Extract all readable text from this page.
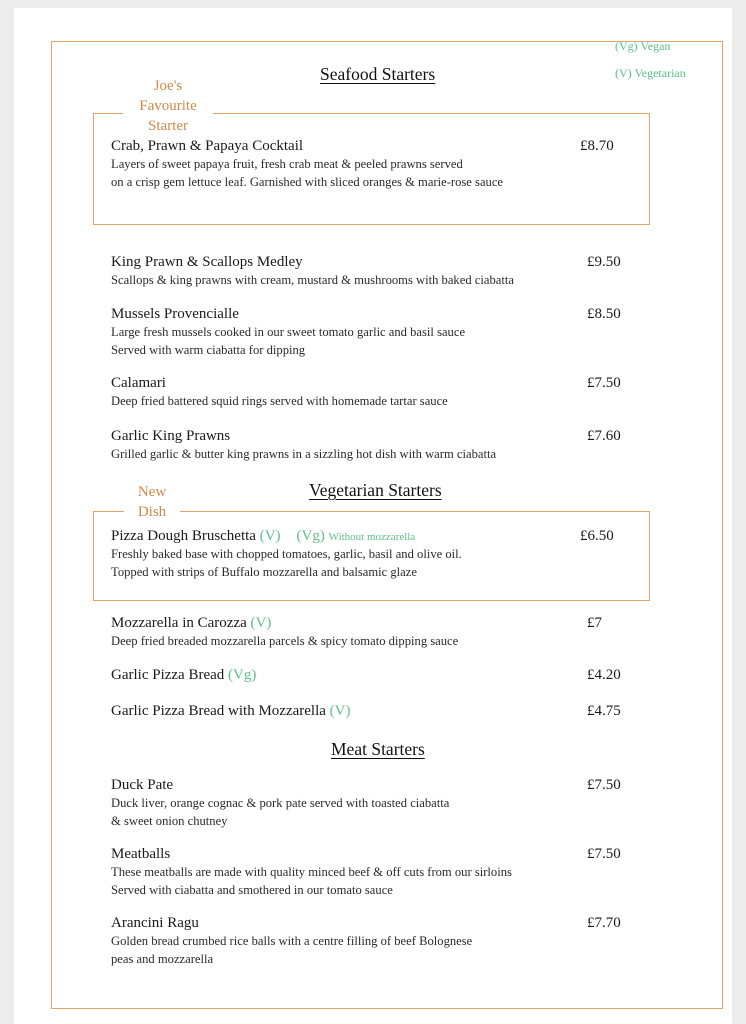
(Vg) Vegan
(V) Vegetarian
Seafood Starters
Joe's
Favourite
Starter
Crab, Prawn & Papaya Cocktail	£8.70
Layers of sweet papaya fruit, fresh crab meat & peeled prawns served
on a crisp gem lettuce leaf. Garnished with sliced oranges & marie-rose sauce
King Prawn & Scallops Medley	£9.50
Scallops & king prawns with cream, mustard & mushrooms with baked ciabatta
Mussels Provencialle	£8.50
Large fresh mussels cooked in our sweet tomato garlic and basil sauce
Served with warm ciabatta for dipping
Calamari	£7.50
Deep fried battered squid rings served with homemade tartar sauce
Garlic King Prawns	£7.60
Grilled garlic & butter king prawns in a sizzling hot dish with warm ciabatta
Vegetarian Starters
New
Dish
Pizza Dough Bruschetta (V) (Vg) Without mozzarella	£6.50
Freshly baked base with chopped tomatoes, garlic, basil and olive oil.
Topped with strips of Buffalo mozzarella and balsamic glaze
Mozzarella in Carozza (V)	£7
Deep fried breaded mozzarella parcels & spicy tomato dipping sauce
Garlic Pizza Bread (Vg)	£4.20
Garlic Pizza Bread with Mozzarella (V)	£4.75
Meat Starters
Duck Pate	£7.50
Duck liver, orange cognac & pork pate served with toasted ciabatta
& sweet onion chutney
Meatballs	£7.50
These meatballs are made with quality minced beef & off cuts from our sirloins
Served with ciabatta and smothered in our tomato sauce
Arancini Ragu	£7.70
Golden bread crumbed rice balls with a centre filling of beef Bolognese
peas and mozzarella
